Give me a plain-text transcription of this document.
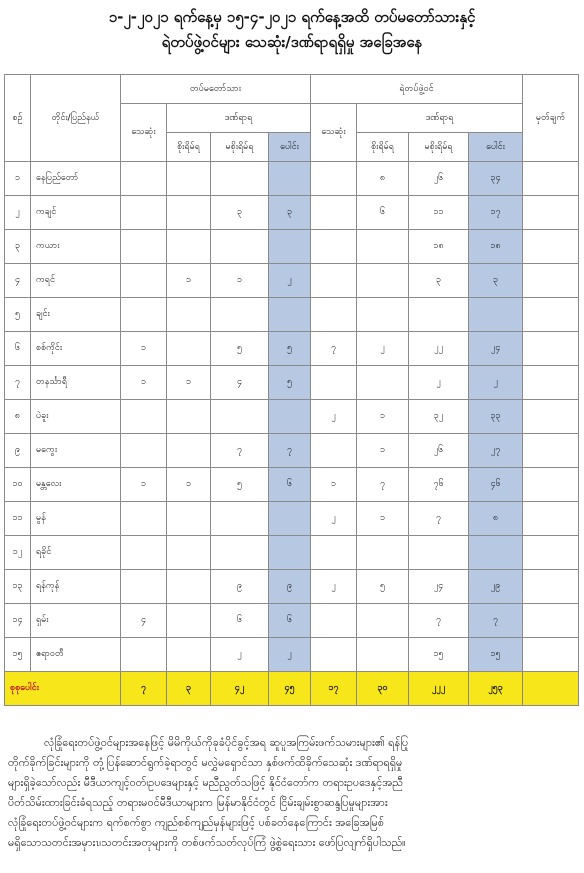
၁-၂-၂၀၂၁ ရက်နေ့မှ ၁၅-၄-၂၀၂၁ ရက်နေ့အထိ တပ်မတော်သားနှင့်
ရဲတပ်ဖွဲ့ဝင်များ သေဆုံး/ဒဏ်ရာရရှိမှု အခြေအနေ
စဉ်	တိုင်း/ပြည်နယ်	တပ်မတော်သား				ရဲတပ်ဖွဲ့ဝင်				မှတ်ချက်
		သေဆုံး	ဒဏ်ရာရ			သေဆုံး	ဒဏ်ရာရ			
			စိုးရိမ်ရ	မစိုးရိမ်ရ	ပေါင်း		စိုးရိမ်ရ	မစိုးရိမ်ရ	ပေါင်း	
၁	နေပြည်တော်						၈	၂၆	၃၄	
၂	ကချင်			၃	၃		၆	၁၁	၁၇	
၃	ကယား							၁၈	၁၈	
၄	ကရင်		၁	၁	၂			၃	၃	
၅	ချင်း									
၆	စစ်ကိုင်း	၁		၅	၅	၇	၂	၂၂	၂၄	
၇	တနင်္သာရီ	၁	၁	၄	၅			၂	၂	
၈	ပဲခူး					၂	၁	၃၂	၃၃	
၉	မကွေး			၇	၇		၁	၂၆	၂၇	
၁၀	မန္တလေး	၁	၁	၅	၆	၁	၇	၇၆	၄၆	
၁၁	မွန်					၂	၁	၇	၈	
၁၂	ရခိုင်									
၁၃	ရန်ကုန်			၉	၉	၂	၅	၂၄	၂၉	
၁၄	ရှမ်း	၄		၆	၆			၇	၇	
၁၅	ဧရာဝတီ			၂	၂			၁၅	၁၅	
စုစုပေါင်း		၇	၃	၄၂	၄၅	၁၇	၃၀	၂၂၂	၂၅၃	
လုံခြုံရေးတပ်ဖွဲ့ဝင်များအနေဖြင့် မိမိကိုယ်ကိုခုခံပိုင်ခွင့်အရ ဆူပူအကြမ်းဖက်သမားများ၏ ရန်ပြု
တိုက်ခိုက်ခြင်းများကို တုံ့ပြန်ဆောင်ရွက်ခဲ့ရာတွင် မလွှဲမရှောင်သာ နှစ်ဖက်ထိခိုက်သေဆုံး ဒဏ်ရာရရှိမှု
များရှိခဲ့သော်လည်း မီဒီယာကျင့်ဝတ်၊ဥပဒေများနှင့် မညီညွတ်သဖြင့် နိုင်ငံတော်က တရားဥပဒေနှင့်အညီ
ပိတ်သိမ်းထားခြင်းခံရသည့် တရားမဝင်မီဒီယာများက မြန်မာနိုင်ငံတွင် ငြိမ်းချမ်းစွာဆန္ဒပြမှုများအား
လုံခြုံရေးတပ်ဖွဲ့ဝင်များက ရက်စက်စွာ ကျည်စစ်ကျည်မှန်များဖြင့် ပစ်ခတ်နေကြောင်း အခြေအမြစ်
မရှိသောသတင်းအမှားၤ၊သတင်းအတုများကို တစ်ဖက်သတ်လုပ်ကြံ ဖွဲ့စွဲရေးသား ဖော်ပြလျက်ရှိပါသည်။
